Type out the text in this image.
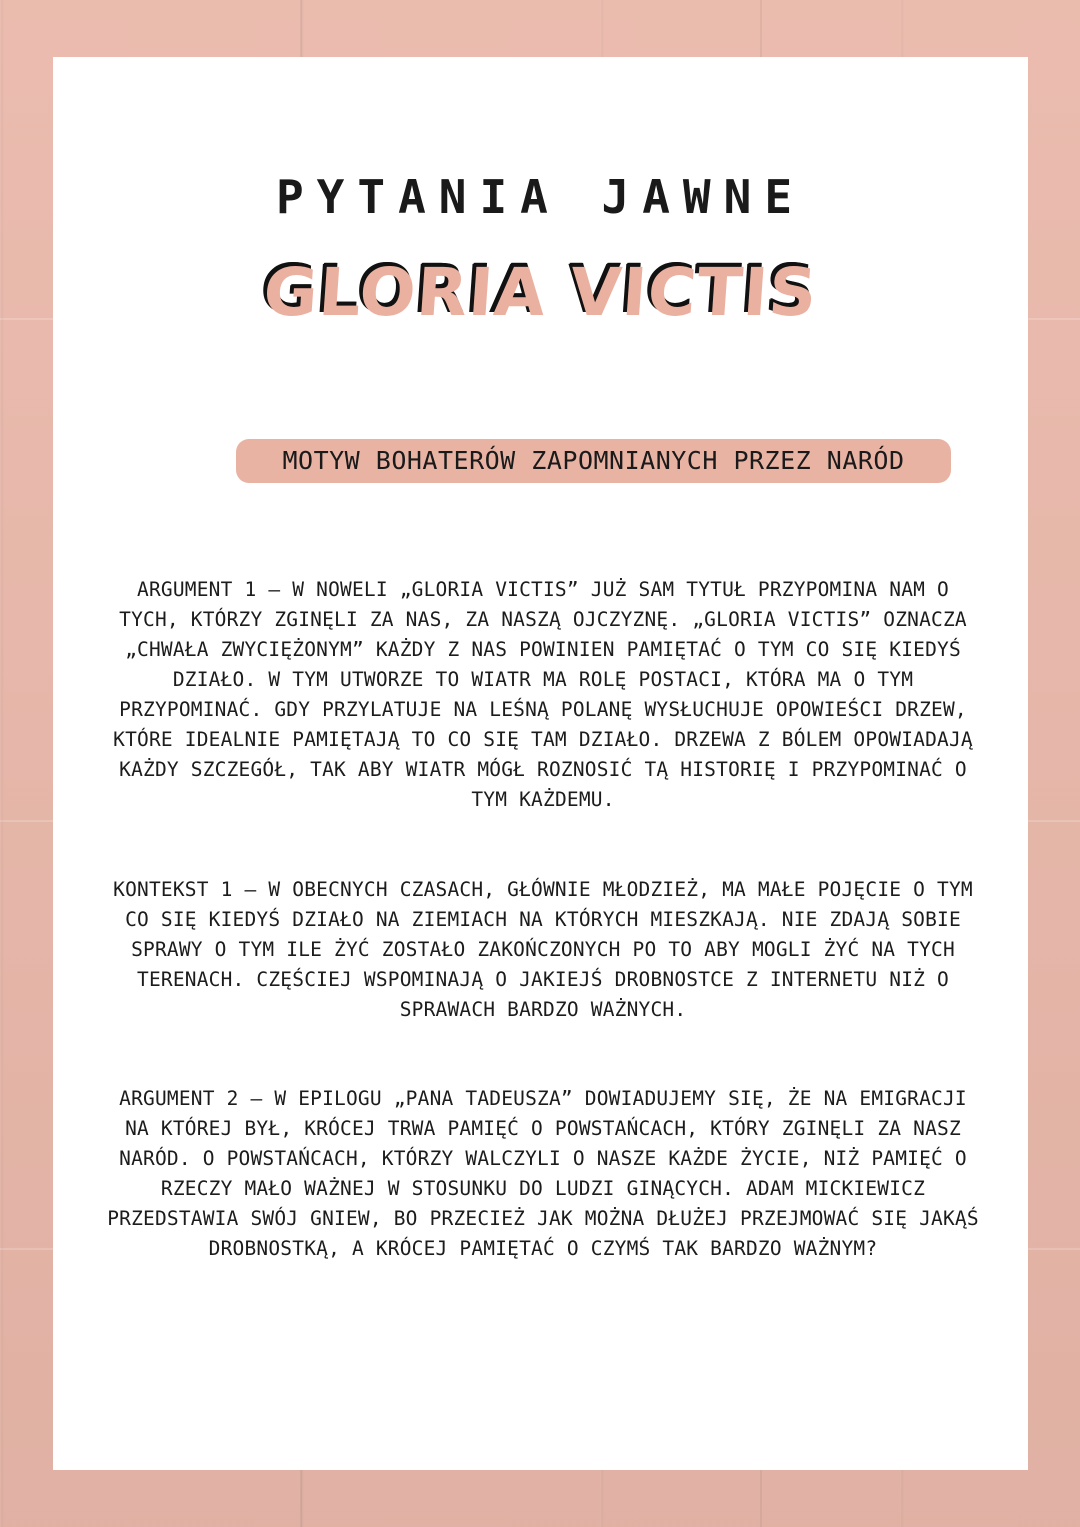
PYTANIA JAWNE
GLORIA VICTIS
MOTYW BOHATERÓW ZAPOMNIANYCH PRZEZ NARÓD
ARGUMENT 1 – W NOWELI „GLORIA VICTIS” JUŻ SAM TYTUŁ PRZYPOMINA NAM O TYCH, KTÓRZY ZGINĘLI ZA NAS, ZA NASZĄ OJCZYZNĘ. „GLORIA VICTIS” OZNACZA „CHWAŁA ZWYCIĘŻONYM” KAŻDY Z NAS POWINIEN PAMIĘTAĆ O TYM CO SIĘ KIEDYŚ DZIAŁO. W TYM UTWORZE TO WIATR MA ROLĘ POSTACI, KTÓRA MA O TYM PRZYPOMINAĆ. GDY PRZYLATUJE NA LEŚNĄ POLANĘ WYSŁUCHUJE OPOWIEŚCI DRZEW, KTÓRE IDEALNIE PAMIĘTAJĄ TO CO SIĘ TAM DZIAŁO. DRZEWA Z BÓLEM OPOWIADAJĄ KAŻDY SZCZEGÓŁ, TAK ABY WIATR MÓGŁ ROZNOSIĆ TĄ HISTORIĘ I PRZYPOMINAĆ O TYM KAŻDEMU.
KONTEKST 1 – W OBECNYCH CZASACH, GŁÓWNIE MŁODZIEŻ, MA MAŁE POJĘCIE O TYM CO SIĘ KIEDYŚ DZIAŁO NA ZIEMIACH NA KTÓRYCH MIESZKAJĄ. NIE ZDAJĄ SOBIE SPRAWY O TYM ILE ŻYĆ ZOSTAŁO ZAKOŃCZONYCH PO TO ABY MOGLI ŻYĆ NA TYCH TERENACH. CZĘŚCIEJ WSPOMINAJĄ O JAKIEJŚ DROBNOSTCE Z INTERNETU NIŻ O SPRAWACH BARDZO WAŻNYCH.
ARGUMENT 2 – W EPILOGU „PANA TADEUSZA” DOWIADUJEMY SIĘ, ŻE NA EMIGRACJI NA KTÓREJ BYŁ, KRÓCEJ TRWA PAMIĘĆ O POWSTAŃCACH, KTÓRY ZGINĘLI ZA NASZ NARÓD. O POWSTAŃCACH, KTÓRZY WALCZYLI O NASZE KAŻDE ŻYCIE, NIŻ PAMIĘĆ O RZECZY MAŁO WAŻNEJ W STOSUNKU DO LUDZI GINĄCYCH. ADAM MICKIEWICZ PRZEDSTAWIA SWÓJ GNIEW, BO PRZECIEŻ JAK MOŻNA DŁUŻEJ PRZEJMOWAĆ SIĘ JAKĄŚ DROBNOSTKĄ, A KRÓCEJ PAMIĘTAĆ O CZYMŚ TAK BARDZO WAŻNYM?
